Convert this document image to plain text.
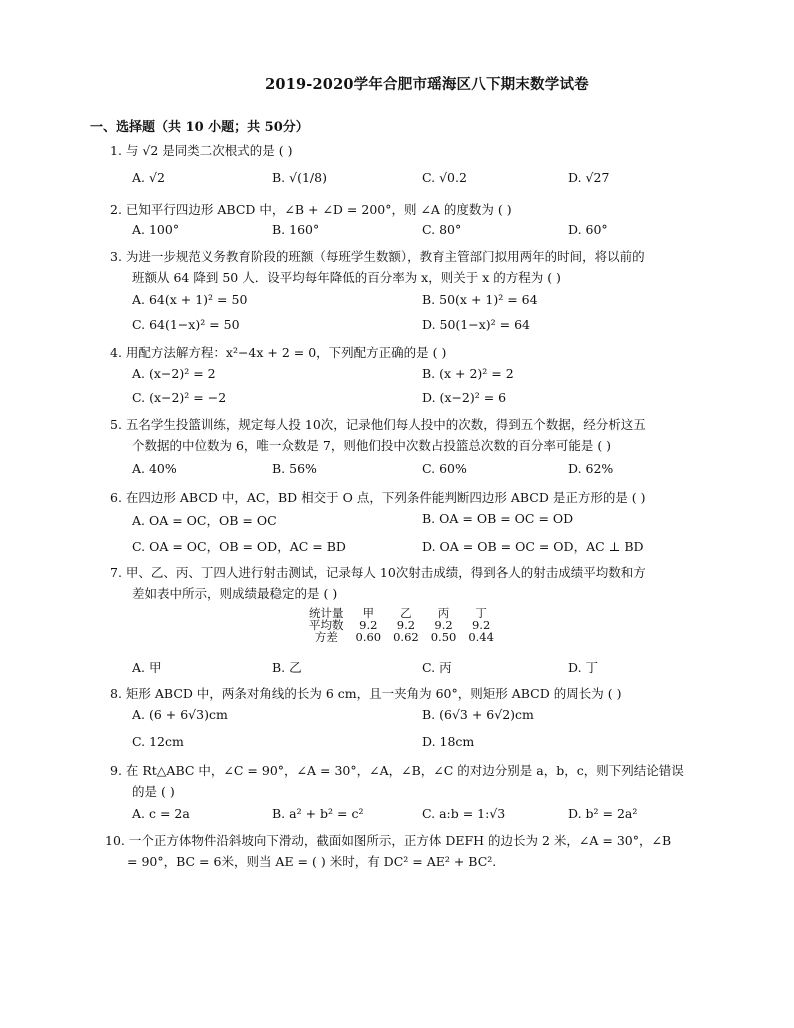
2019-2020学年合肥市瑶海区八下期末数学试卷
一、选择题（共 10 小题；共 50分）
1. 与 √2 是同类二次根式的是 ( )
A. √2	B. √(1/8)	C. √0.2	D. √27
2. 已知平行四边形 ABCD 中，∠B + ∠D = 200°，则 ∠A 的度数为 ( )
A. 100°	B. 160°	C. 80°	D. 60°
3. 为进一步规范义务教育阶段的班额（每班学生数额），教育主管部门拟用两年的时间，将以前的
班额从 64 降到 50 人．设平均每年降低的百分率为 x，则关于 x 的方程为 ( )
A. 64(x + 1)² = 50	B. 50(x + 1)² = 64
C. 64(1−x)² = 50	D. 50(1−x)² = 64
4. 用配方法解方程：x²−4x + 2 = 0，下列配方正确的是 ( )
A. (x−2)² = 2	B. (x + 2)² = 2
C. (x−2)² = −2	D. (x−2)² = 6
5. 五名学生投篮训练，规定每人投 10次，记录他们每人投中的次数，得到五个数据，经分析这五
个数据的中位数为 6，唯一众数是 7，则他们投中次数占投篮总次数的百分率可能是 ( )
A. 40%	B. 56%	C. 60%	D. 62%
6. 在四边形 ABCD 中，AC，BD 相交于 O 点，下列条件能判断四边形 ABCD 是正方形的是 ( )
A. OA = OC，OB = OC	B. OA = OB = OC = OD
C. OA = OC，OB = OD，AC = BD	D. OA = OB = OC = OD，AC ⊥ BD
7. 甲、乙、丙、丁四人进行射击测试，记录每人 10次射击成绩，得到各人的射击成绩平均数和方
差如表中所示，则成绩最稳定的是 ( )
统计量	甲	乙	丙	丁
平均数	9.2	9.2	9.2	9.2
方差	0.60	0.62	0.50	0.44
A. 甲	B. 乙	C. 丙	D. 丁
8. 矩形 ABCD 中，两条对角线的长为 6 cm，且一夹角为 60°，则矩形 ABCD 的周长为 ( )
A. (6 + 6√3)cm	B. (6√3 + 6√2)cm
C. 12cm	D. 18cm
9. 在 Rt△ABC 中，∠C = 90°，∠A = 30°，∠A，∠B，∠C 的对边分别是 a，b，c，则下列结论错误
的是 ( )
A. c = 2a	B. a² + b² = c²	C. a:b = 1:√3	D. b² = 2a²
10. 一个正方体物件沿斜坡向下滑动，截面如图所示，正方体 DEFH 的边长为 2 米，∠A = 30°，∠B
= 90°，BC = 6米，则当 AE = ( ) 米时，有 DC² = AE² + BC².
